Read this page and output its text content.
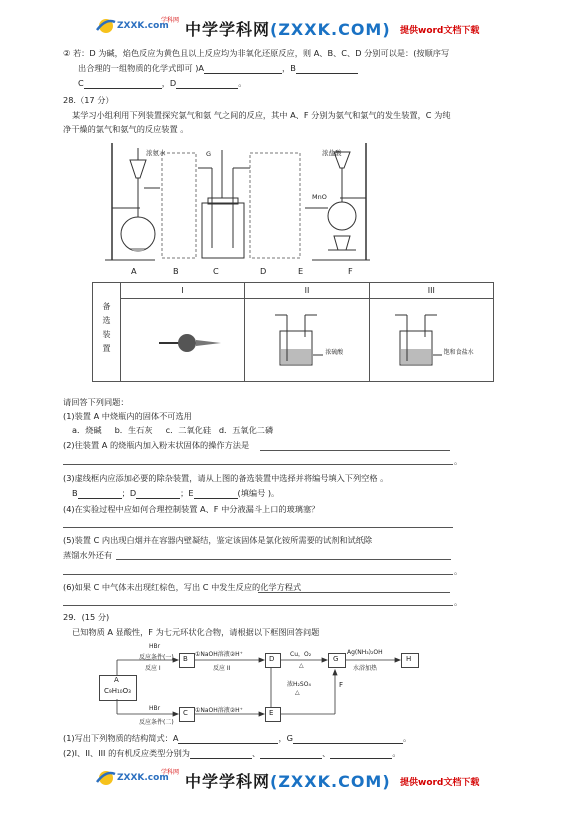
ZXXK.com
学科网 中学学科网(ZXXK.COM) 提供word文档下载
② 若：D 为碱，焰色反应为黄色且以上反应均为非氧化还原反应，则 A、B、C、D 分别可以是：(按顺序写
出合理的一组物质的化学式即可 )A	，B
C	，D	。
28.（17 分）
某学习小组利用下列装置探究氯气和氨 气之间的反应，其中 A、F 分别为氨气和氯气的发生装置，C 为纯
净干燥的氯气和氨气的反应装置 。
浓氨水	G	浓盐酸
MnO
A	B	C	D	E	F
备选装置	I	II	III

浓硫酸	饱和食盐水
请回答下列同题：
(1)装置 A 中烧瓶内的固体不可选用
a．烧碱 b．生石灰 c．二氧化硅 d．五氧化二磷
(2)往装置 A 的烧瓶内加入粉末状固体的操作方法是
。
(3)虚线框内应添加必要的除杂装置，请从上图的备选装置中选择并将编号填入下列空格 。
B	；D	；E	(填编号 )。
(4)在实验过程中应如何合理控制装置 A、F 中分液漏斗上口的玻璃塞？
(5)装置 C 内出现白烟并在容器内壁凝结，鉴定该固体是氯化铵所需要的试剂和试纸除
蒸馏水外还有
。
(6)如果 C 中气体未出现红棕色，写出 C 中发生反应的化学方程式
。
29．(15 分)
已知物质 A 显酸性，F 为七元环状化合物，请根据以下框图回答问题
A
C₉H₁₀O₃
B	D	G	H
C	E
HBr
反应条件(一)
反应 I
①NaOH溶液②H⁺
反应 II
Cu，O₂
△
浓H₂SO₄
△
F
Ag(NH₃)₂OH
水浴加热
HBr
反应条件(二)
①NaOH溶液②H⁺
(1)写出下列物质的结构简式：A	，G	。
(2)I、II、III 的有机反应类型分别为	、	、	。
ZXXK.com
学科网 中学学科网(ZXXK.COM) 提供word文档下载
